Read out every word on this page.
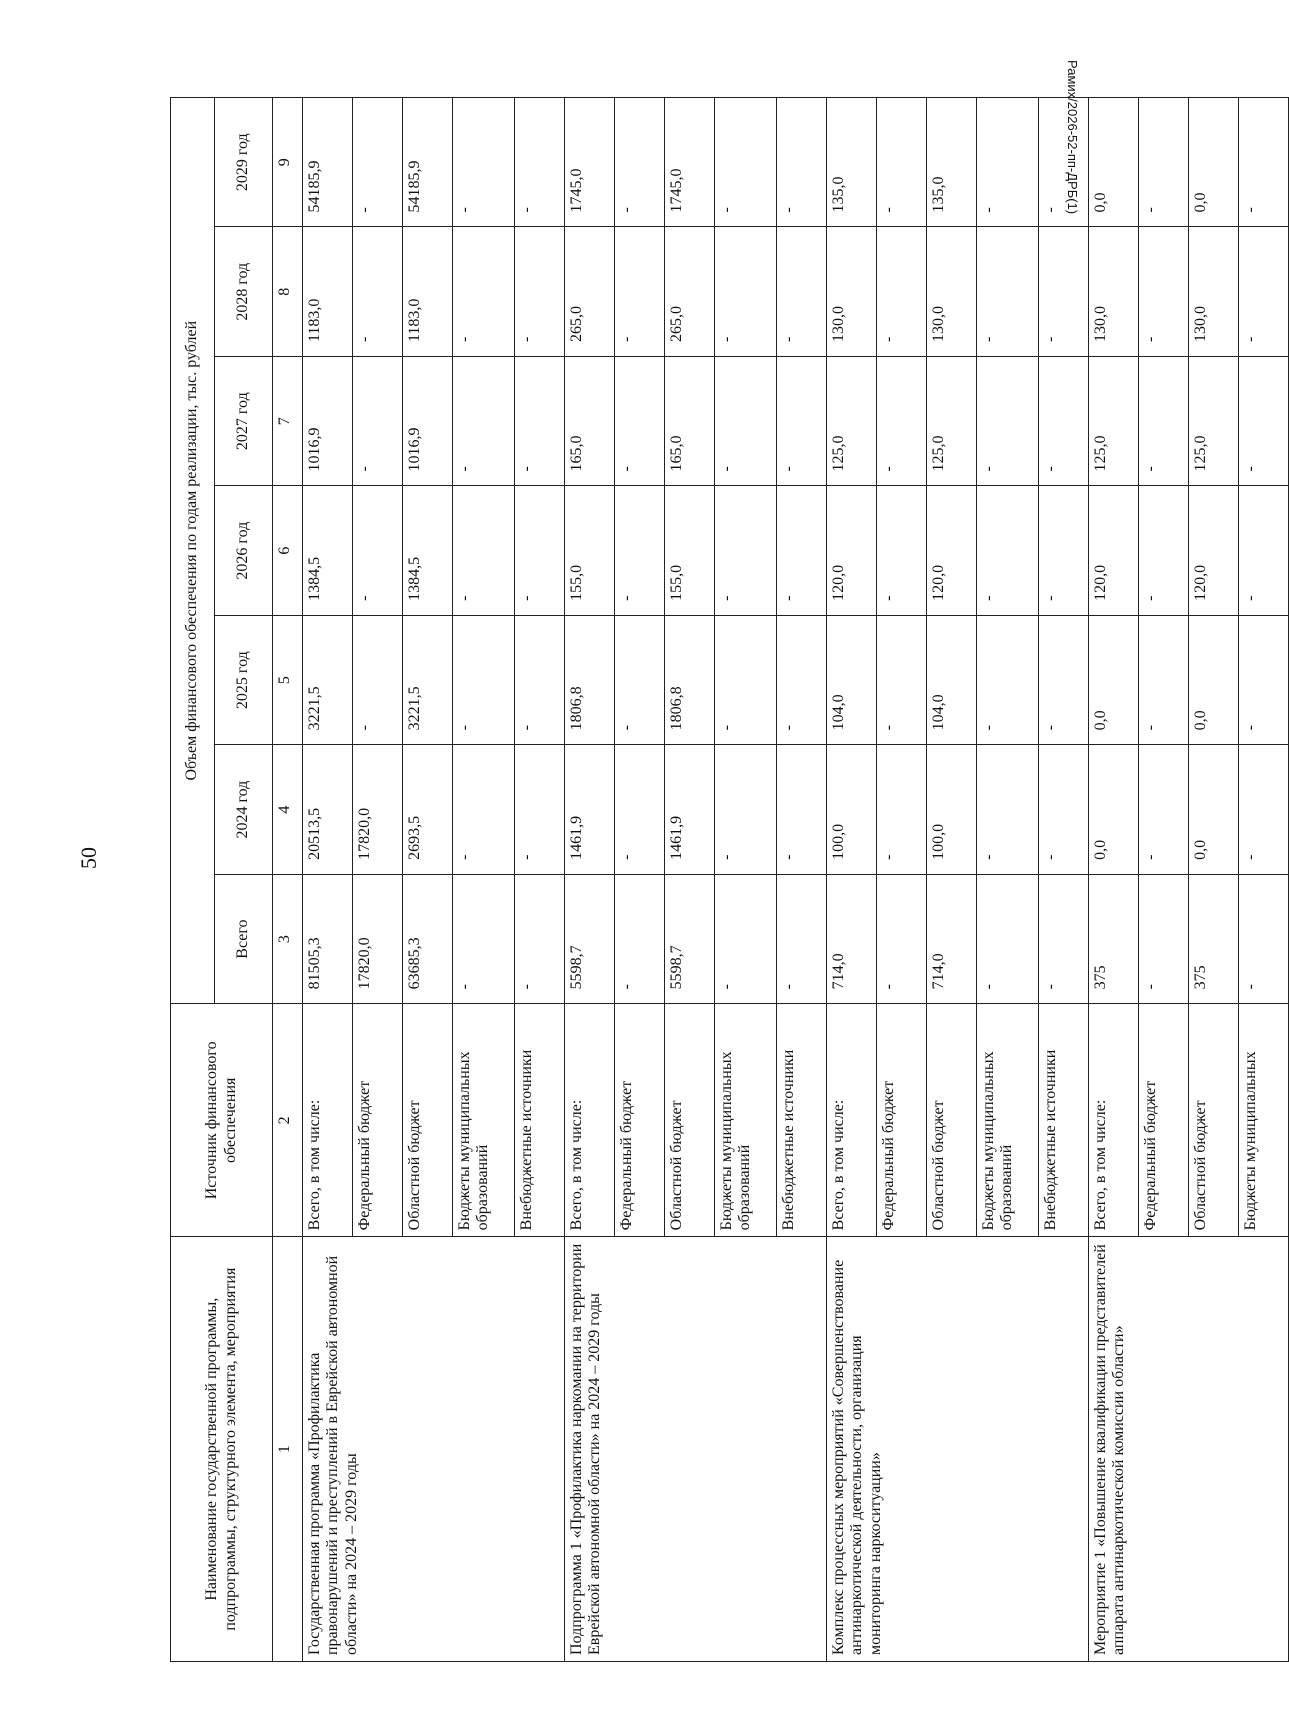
50
Рамих/2026-52-пп-ДРБ(1)
Наименование государственной программы, подпрограммы, структурного элемента, мероприятия	Источник финансового обеспечения	Объем финансового обеспечения по годам реализации, тыс. рублей						
		Всего	2024 год	2025 год	2026 год	2027 год	2028 год	2029 год
1	2	3	4	5	6	7	8	9
Государственная программа «Профилактика правонарушений и преступлений в Еврейской автономной области» на 2024 – 2029 годы	Всего, в том числе:	81505,3	20513,5	3221,5	1384,5	1016,9	1183,0	54185,9
	Федеральный бюджет	17820,0	17820,0	-	-	-	-	-
	Областной бюджет	63685,3	2693,5	3221,5	1384,5	1016,9	1183,0	54185,9
	Бюджеты муниципальных образований	-	-	-	-	-	-	-
	Внебюджетные источники	-	-	-	-	-	-	-
Подпрограмма 1 «Профилактика наркомании на территории Еврейской автономной области» на 2024 – 2029 годы	Всего, в том числе:	5598,7	1461,9	1806,8	155,0	165,0	265,0	1745,0
	Федеральный бюджет	-	-	-	-	-	-	-
	Областной бюджет	5598,7	1461,9	1806,8	155,0	165,0	265,0	1745,0
	Бюджеты муниципальных образований	-	-	-	-	-	-	-
	Внебюджетные источники	-	-	-	-	-	-	-
Комплекс процессных мероприятий «Совершенствование антинаркотической деятельности, организация мониторинга наркоситуации»	Всего, в том числе:	714,0	100,0	104,0	120,0	125,0	130,0	135,0
	Федеральный бюджет	-	-	-	-	-	-	-
	Областной бюджет	714,0	100,0	104,0	120,0	125,0	130,0	135,0
	Бюджеты муниципальных образований	-	-	-	-	-	-	-
	Внебюджетные источники	-	-	-	-	-	-	-
Мероприятие 1 «Повышение квалификации представителей аппарата антинаркотической комиссии области»	Всего, в том числе:	375	0,0	0,0	120,0	125,0	130,0	0,0
	Федеральный бюджет	-	-	-	-	-	-	-
	Областной бюджет	375	0,0	0,0	120,0	125,0	130,0	0,0
	Бюджеты муниципальных	-	-	-	-	-	-	-
